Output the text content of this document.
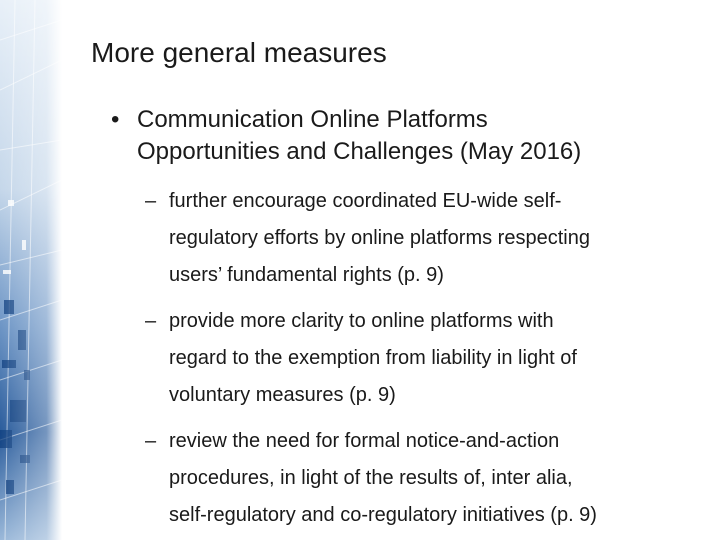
More general measures
• Communication Online Platforms
Opportunities and Challenges (May 2016)
– further encourage coordinated EU-wide self-
regulatory efforts by online platforms respecting
users’ fundamental rights (p. 9)
– provide more clarity to online platforms with
regard to the exemption from liability in light of
voluntary measures (p. 9)
– review the need for formal notice-and-action
procedures, in light of the results of, inter alia,
self-regulatory and co-regulatory initiatives (p. 9)
